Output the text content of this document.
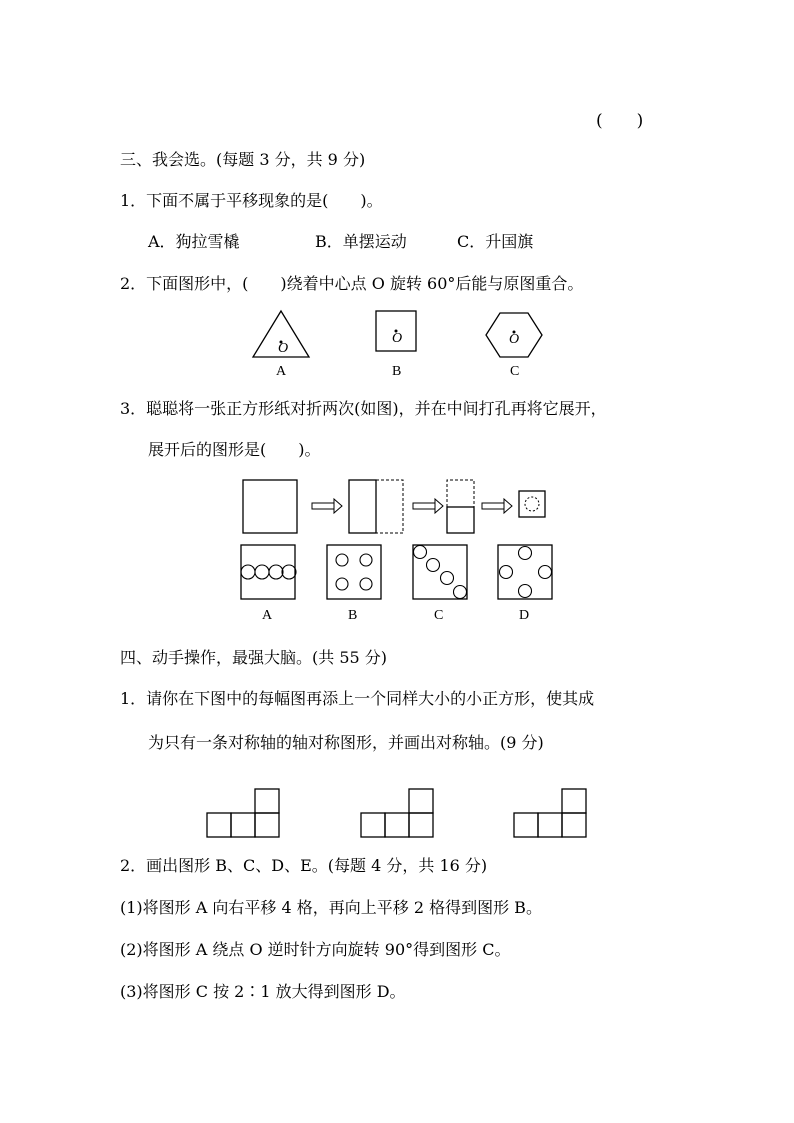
(　　)
三、我会选。(每题 3 分，共 9 分)
1．下面不属于平移现象的是(　　)。
A．狗拉雪橇	B．单摆运动	C．升国旗
2．下面图形中，(　　)绕着中心点 O 旋转 60°后能与原图重合。
O
O	O
A	B	C
3．聪聪将一张正方形纸对折两次(如图)，并在中间打孔再将它展开，
展开后的图形是(　　)。
A	B	C	D
四、动手操作，最强大脑。(共 55 分)
1．请你在下图中的每幅图再添上一个同样大小的小正方形，使其成
为只有一条对称轴的轴对称图形，并画出对称轴。(9 分)
2．画出图形 B、C、D、E。(每题 4 分，共 16 分)
(1)将图形 A 向右平移 4 格，再向上平移 2 格得到图形 B。
(2)将图形 A 绕点 O 逆时针方向旋转 90°得到图形 C。
(3)将图形 C 按 2∶1 放大得到图形 D。
